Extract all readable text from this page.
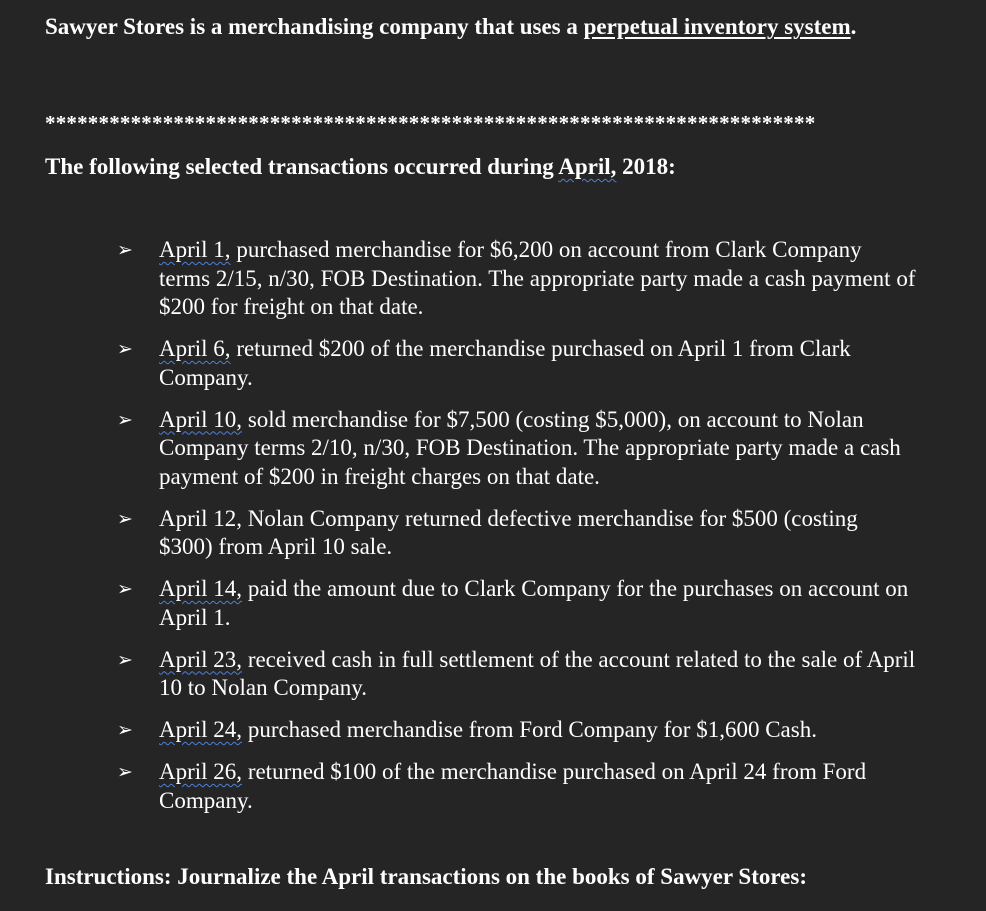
Sawyer Stores is a merchandising company that uses a perpetual inventory system.
************************************************************************
The following selected transactions occurred during April, 2018:
➢ April 1, purchased merchandise for $6,200 on account from Clark Company terms 2/15, n/30, FOB Destination. The appropriate party made a cash payment of $200 for freight on that date.
➢ April 6, returned $200 of the merchandise purchased on April 1 from Clark Company.
➢ April 10, sold merchandise for $7,500 (costing $5,000), on account to Nolan Company terms 2/10, n/30, FOB Destination. The appropriate party made a cash payment of $200 in freight charges on that date.
➢ April 12, Nolan Company returned defective merchandise for $500 (costing $300) from April 10 sale.
➢ April 14, paid the amount due to Clark Company for the purchases on account on April 1.
➢ April 23, received cash in full settlement of the account related to the sale of April 10 to Nolan Company.
➢ April 24, purchased merchandise from Ford Company for $1,600 Cash.
➢ April 26, returned $100 of the merchandise purchased on April 24 from Ford Company.
Instructions: Journalize the April transactions on the books of Sawyer Stores:
